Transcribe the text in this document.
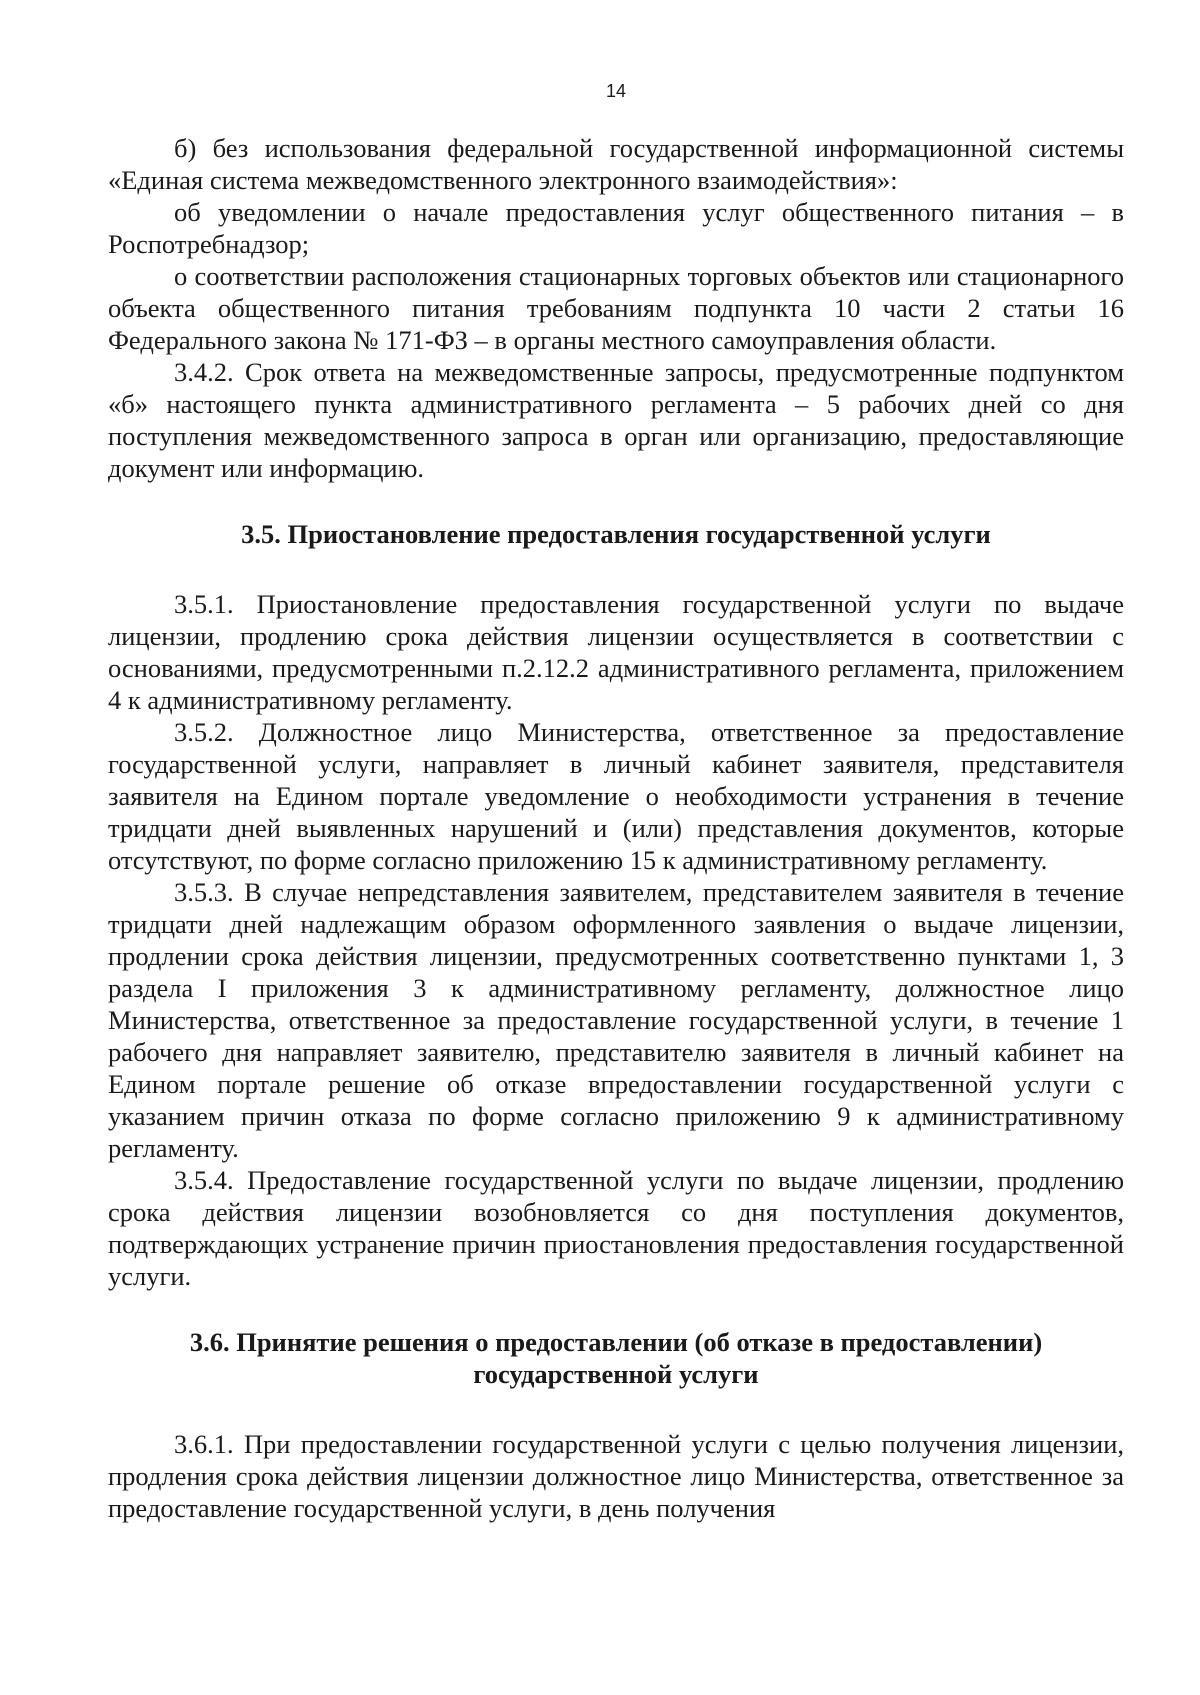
14

б) без использования федеральной государственной информационной системы «Единая система межведомственного электронного взаимодействия»:

об уведомлении о начале предоставления услуг общественного питания – в Роспотребнадзор;

о соответствии расположения стационарных торговых объектов или стационарного объекта общественного питания требованиям подпункта 10 части 2 статьи 16 Федерального закона № 171-ФЗ – в органы местного самоуправления области.

3.4.2. Срок ответа на межведомственные запросы, предусмотренные подпунктом «б» настоящего пункта административного регламента – 5 рабочих дней со дня поступления межведомственного запроса в орган или организацию, предоставляющие документ или информацию.

3.5. Приостановление предоставления государственной услуги

3.5.1. Приостановление предоставления государственной услуги по выдаче лицензии, продлению срока действия лицензии осуществляется в соответствии с основаниями, предусмотренными п.2.12.2 административного регламента, приложением 4 к административному регламенту.

3.5.2. Должностное лицо Министерства, ответственное за предоставление государственной услуги, направляет в личный кабинет заявителя, представителя заявителя на Едином портале уведомление о необходимости устранения в течение тридцати дней выявленных нарушений и (или) представления документов, которые отсутствуют, по форме согласно приложению 15 к административному регламенту.

3.5.3. В случае непредставления заявителем, представителем заявителя в течение тридцати дней надлежащим образом оформленного заявления о выдаче лицензии, продлении срока действия лицензии, предусмотренных соответственно пунктами 1, 3 раздела I приложения 3 к административному регламенту, должностное лицо Министерства, ответственное за предоставление государственной услуги, в течение 1 рабочего дня направляет заявителю, представителю заявителя в личный кабинет на Едином портале решение об отказе впредоставлении государственной услуги с указанием причин отказа по форме согласно приложению 9 к административному регламенту.

3.5.4. Предоставление государственной услуги по выдаче лицензии, продлению срока действия лицензии возобновляется со дня поступления документов, подтверждающих устранение причин приостановления предоставления государственной услуги.

3.6. Принятие решения о предоставлении (об отказе в предоставлении)
государственной услуги

3.6.1. При предоставлении государственной услуги с целью получения лицензии, продления срока действия лицензии должностное лицо Министерства, ответственное за предоставление государственной услуги, в день получения
